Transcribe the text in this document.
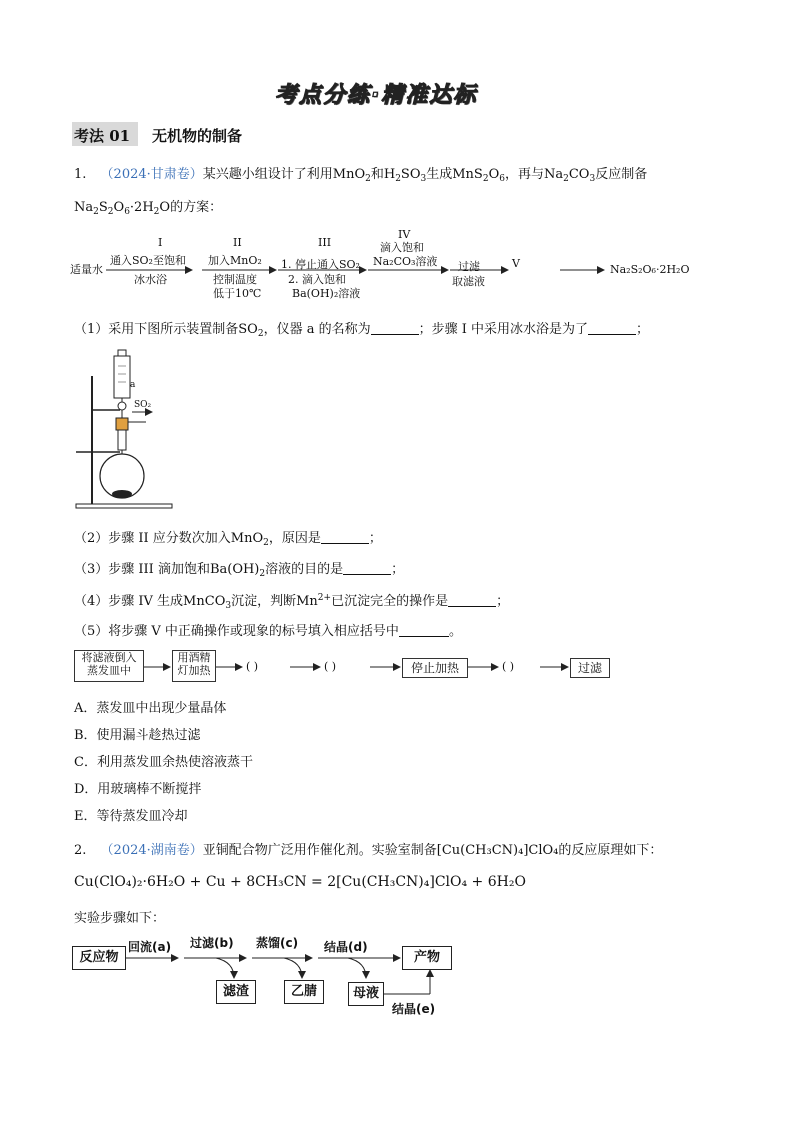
考点分练·精准达标
考法 01 无机物的制备
1. （2024·甘肃卷）某兴趣小组设计了利用MnO$_2$和$H_2SO_3$生成$MnS_2O_6$，再与$Na_2CO_3$反应制备
$Na_2S_2O_6\cdot 2H_2O$的方案：
适量水
I
通入SO₂至饱和
冰水浴
II
加入MnO₂
控制温度
低于10℃
III
1. 停止通入SO₂
2. 滴入饱和
Ba(OH)₂溶液
IV
滴入饱和
Na₂CO₃溶液 过滤
取滤液
V	Na₂S₂O₆·2H₂O
（1）采用下图所示装置制备$SO_2$，仪器 a 的名称为	；步骤 I 中采用冰水浴是为了	；
a
SO₂
（2）步骤 II 应分数次加入MnO$_2$，原因是	；
（3）步骤 III 滴加饱和$Ba(OH)_2$溶液的目的是	；
（4）步骤 IV 生成MnCO$_3$沉淀，判断$Mn^{2+}$已沉淀完全的操作是	；
（5）将步骤 V 中正确操作或现象的标号填入相应括号中	。
将滤液倒入
蒸发皿中
用酒精
灯加热	( )	( )	停止加热	( )	过滤
A．蒸发皿中出现少量晶体
B．使用漏斗趁热过滤
C．利用蒸发皿余热使溶液蒸干
D．用玻璃棒不断搅拌
E．等待蒸发皿冷却
2. （2024·湖南卷）亚铜配合物广泛用作催化剂。实验室制备[Cu(CH₃CN)₄]ClO₄的反应原理如下：
Cu(ClO₄)₂·6H₂O + Cu + 8CH₃CN = 2[Cu(CH₃CN)₄]ClO₄ + 6H₂O
实验步骤如下：
反应物
回流(a) 过滤(b) 蒸馏(c) 结晶(d)
产物
滤渣	乙腈	母液
结晶(e)
